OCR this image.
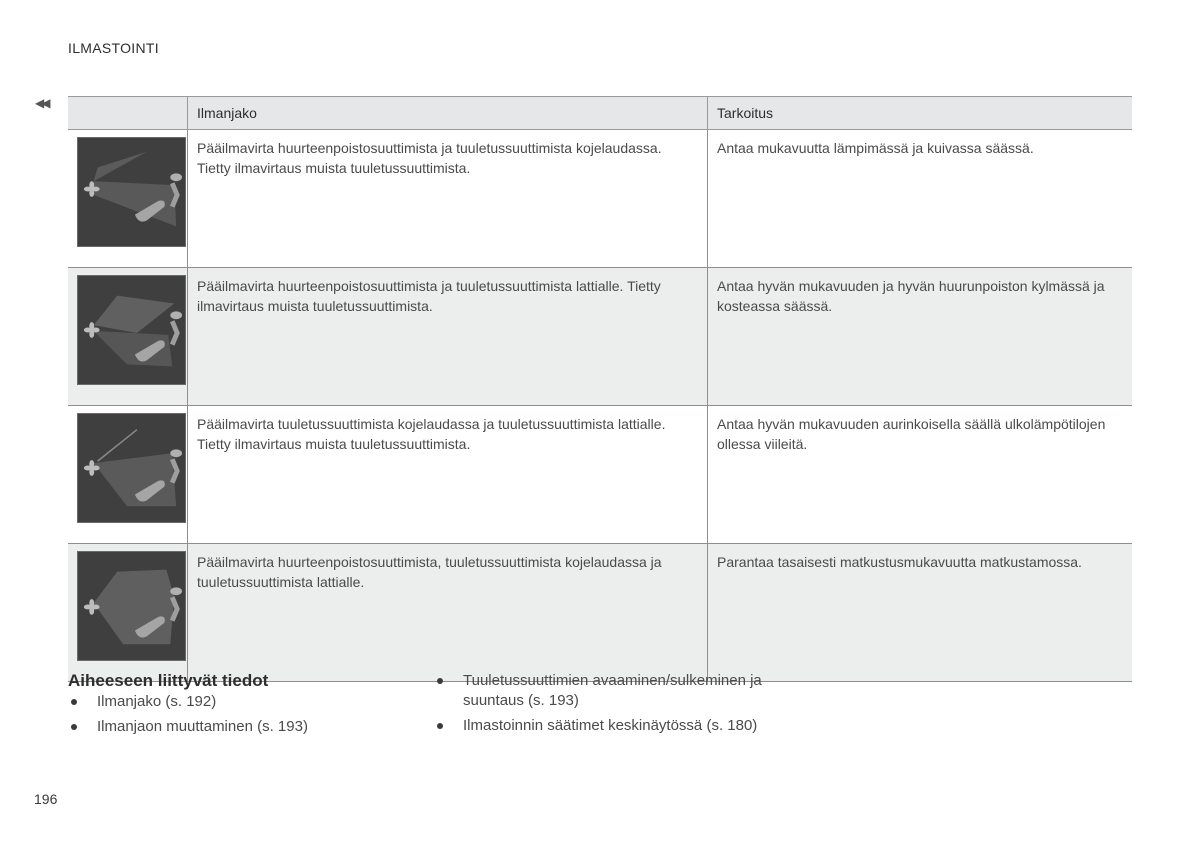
ILMASTOINTI
◀◀
	Ilmanjako	Tarkoitus

	Pääilmavirta huurteenpoistosuuttimista ja tuuletussuuttimista kojelaudassa. Tietty ilmavirtaus muista tuuletussuuttimista.	Antaa mukavuutta lämpimässä ja kuivassa säässä.

	Pääilmavirta huurteenpoistosuuttimista ja tuuletussuuttimista lattialle. Tietty ilmavirtaus muista tuuletussuuttimista.	Antaa hyvän mukavuuden ja hyvän huurunpoiston kylmässä ja kosteassa säässä.

	Pääilmavirta tuuletussuuttimista kojelaudassa ja tuuletussuuttimista lattialle. Tietty ilmavirtaus muista tuuletussuuttimista.	Antaa hyvän mukavuuden aurinkoisella säällä ulkolämpötilojen ollessa viileitä.

	Pääilmavirta huurteenpoistosuuttimista, tuuletussuuttimista kojelaudassa ja tuuletussuuttimista lattialle.	Parantaa tasaisesti matkustusmukavuutta matkustamossa.
Aiheeseen liittyvät tiedot
Ilmanjako (s. 192)
Ilmanjaon muuttaminen (s. 193)
Tuuletussuuttimien avaaminen/sulkeminen ja suuntaus (s. 193)
Ilmastoinnin säätimet keskinäytössä (s. 180)
196
